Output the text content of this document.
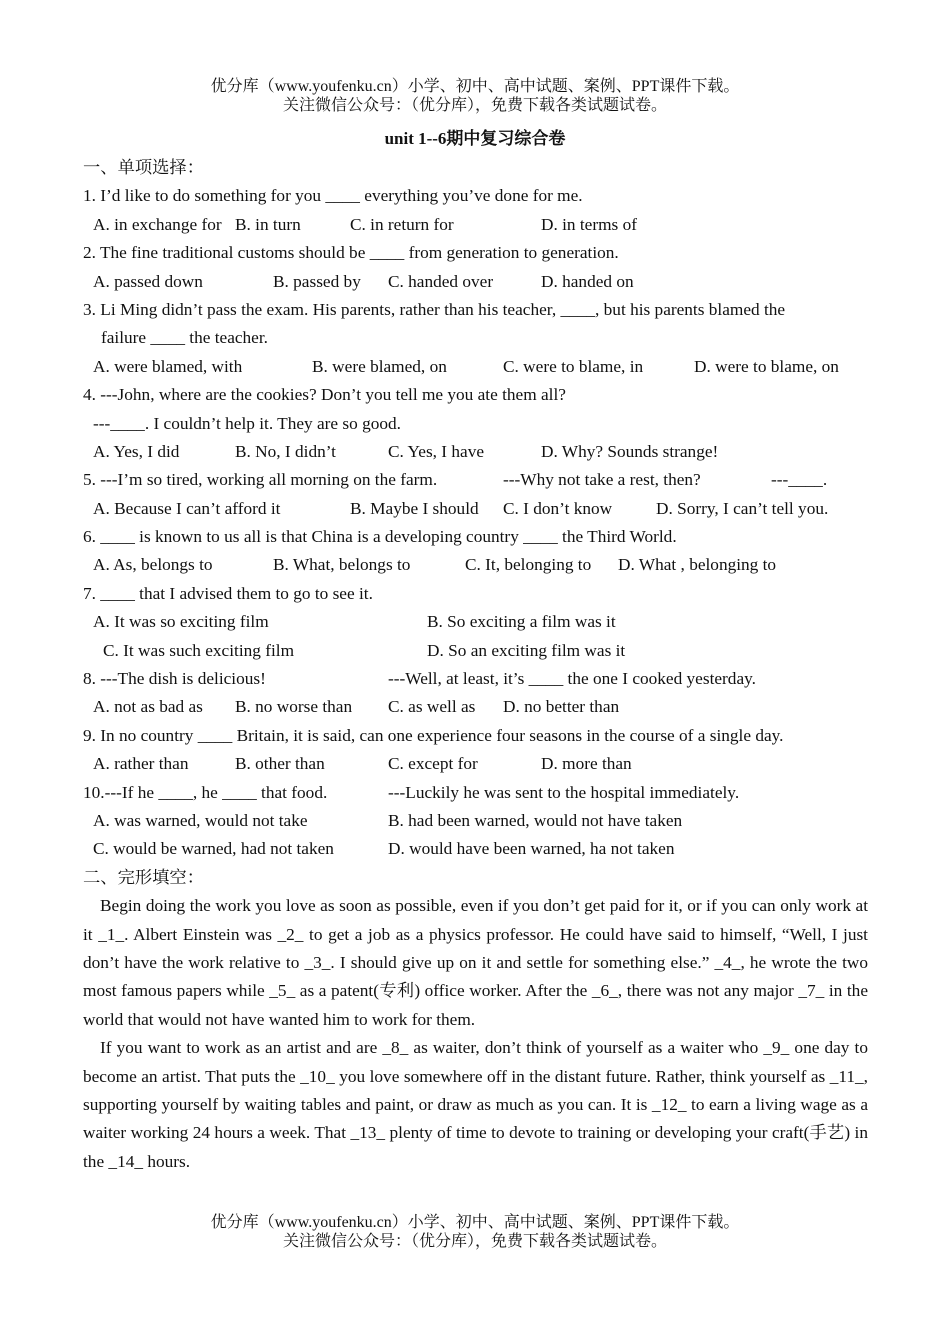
优分库（www.youfenku.cn）小学、初中、高中试题、案例、PPT课件下载。
关注微信公众号：（优分库），免费下载各类试题试卷。
unit 1--6期中复习综合卷
一、单项选择：
1. I’d like to do something for you ____ everything you’ve done for me.
A. in exchange for B. in turn	C. in return for	D. in terms of
2. The fine traditional customs should be ____ from generation to generation.
A. passed down	B. passed by C. handed over	D. handed on
3. Li Ming didn’t pass the exam. His parents, rather than his teacher, ____, but his parents blamed the
failure ____ the teacher.
A. were blamed, with	B. were blamed, on	C. were to blame, in	D. were to blame, on
4. ---John, where are the cookies? Don’t you tell me you ate them all?
---____. I couldn’t help it. They are so good.
A. Yes, I did	B. No, I didn’t	C. Yes, I have	D. Why? Sounds strange!
5. ---I’m so tired, working all morning on the farm.	---Why not take a rest, then?	---____.
A. Because I can’t afford it	B. Maybe I should C. I don’t know	D. Sorry, I can’t tell you.
6. ____ is known to us all is that China is a developing country ____ the Third World.
A. As, belongs to	B. What, belongs to	C. It, belonging to D. What , belonging to
7. ____ that I advised them to go to see it.
A. It was so exciting film	B. So exciting a film was it
C. It was such exciting film	D. So an exciting film was it
8. ---The dish is delicious!	---Well, at least, it’s ____ the one I cooked yesterday.
A. not as bad as B. no worse than C. as well as D. no better than
9. In no country ____ Britain, it is said, can one experience four seasons in the course of a single day.
A. rather than	B. other than	C. except for	D. more than
10.---If he ____, he ____ that food.	---Luckily he was sent to the hospital immediately.
A. was warned, would not take	B. had been warned, would not have taken
C. would be warned, had not taken	D. would have been warned, ha not taken
二、完形填空：

Begin doing the work you love as soon as possible, even if you don’t get paid for it, or if you can only work at it _1_. Albert Einstein was _2_ to get a job as a physics professor. He could have said to himself, “Well, I just don’t have the work relative to _3_. I should give up on it and settle for something else.” _4_, he wrote the two most famous papers while _5_ as a patent(专利) office worker. After the _6_, there was not any major _7_ in the world that would not have wanted him to work for them.

If you want to work as an artist and are _8_ as waiter, don’t think of yourself as a waiter who _9_ one day to become an artist. That puts the _10_ you love somewhere off in the distant future. Rather, think yourself as _11_, supporting yourself by waiting tables and paint, or draw as much as you can. It is _12_ to earn a living wage as a waiter working 24 hours a week. That _13_ plenty of time to devote to training or developing your craft(手艺) in the _14_ hours.

优分库（www.youfenku.cn）小学、初中、高中试题、案例、PPT课件下载。
关注微信公众号：（优分库），免费下载各类试题试卷。
